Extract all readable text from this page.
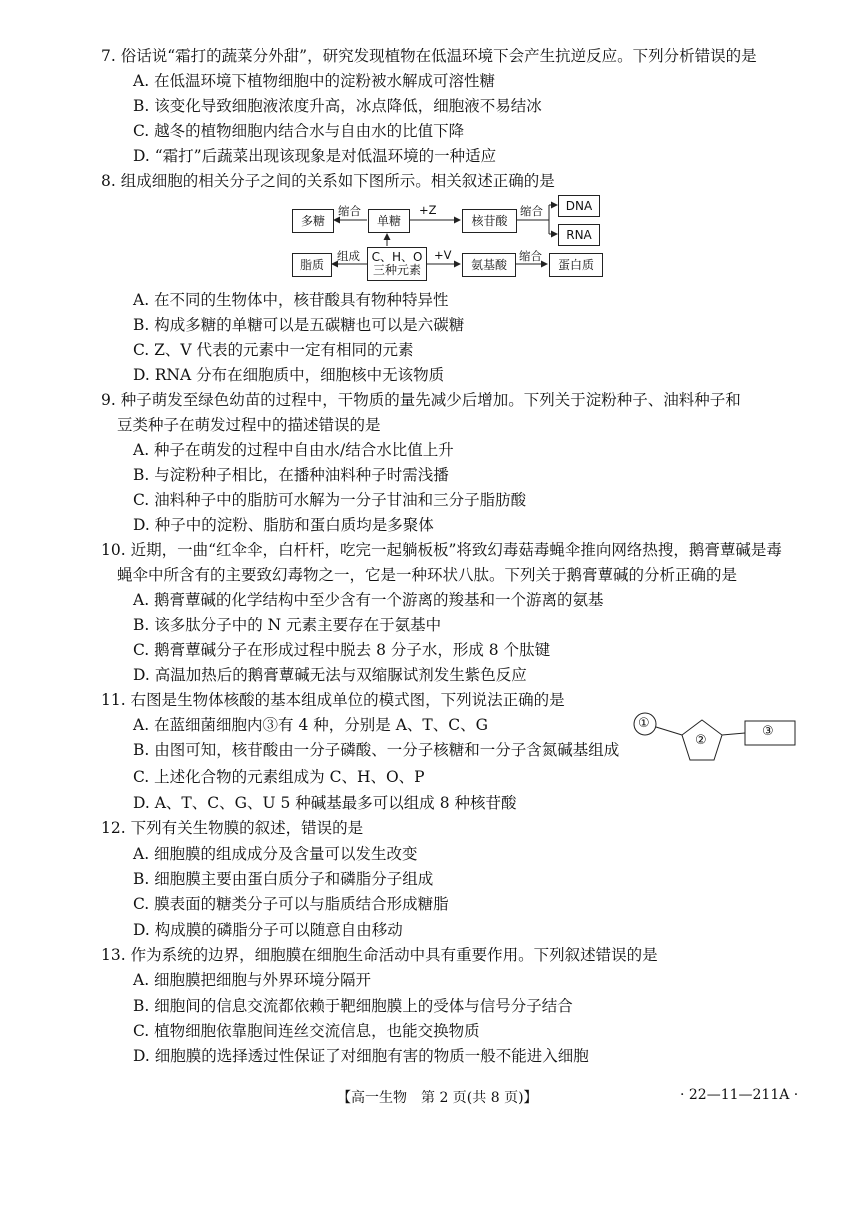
7. 俗话说“霜打的蔬菜分外甜”，研究发现植物在低温环境下会产生抗逆反应。下列分析错误的是
A. 在低温环境下植物细胞中的淀粉被水解成可溶性糖
B. 该变化导致细胞液浓度升高，冰点降低，细胞液不易结冰
C. 越冬的植物细胞内结合水与自由水的比值下降
D. “霜打”后蔬菜出现该现象是对低温环境的一种适应
8. 组成细胞的相关分子之间的关系如下图所示。相关叙述正确的是
多糖	单糖	核苷酸
DNA
RNA
脂质
C、H、O
三种元素	氨基酸	蛋白质
缩合	+Z	缩合
组成	+V	缩合
A. 在不同的生物体中，核苷酸具有物种特异性
B. 构成多糖的单糖可以是五碳糖也可以是六碳糖
C. Z、V 代表的元素中一定有相同的元素
D. RNA 分布在细胞质中，细胞核中无该物质
9. 种子萌发至绿色幼苗的过程中，干物质的量先减少后增加。下列关于淀粉种子、油料种子和
豆类种子在萌发过程中的描述错误的是
A. 种子在萌发的过程中自由水/结合水比值上升
B. 与淀粉种子相比，在播种油料种子时需浅播
C. 油料种子中的脂肪可水解为一分子甘油和三分子脂肪酸
D. 种子中的淀粉、脂肪和蛋白质均是多聚体
10. 近期，一曲“红伞伞，白杆杆，吃完一起躺板板”将致幻毒菇毒蝇伞推向网络热搜，鹅膏蕈碱是毒
蝇伞中所含有的主要致幻毒物之一，它是一种环状八肽。下列关于鹅膏蕈碱的分析正确的是
A. 鹅膏蕈碱的化学结构中至少含有一个游离的羧基和一个游离的氨基
B. 该多肽分子中的 N 元素主要存在于氨基中
C. 鹅膏蕈碱分子在形成过程中脱去 8 分子水，形成 8 个肽键
D. 高温加热后的鹅膏蕈碱无法与双缩脲试剂发生紫色反应
11. 右图是生物体核酸的基本组成单位的模式图，下列说法正确的是
A. 在蓝细菌细胞内③有 4 种，分别是 A、T、C、G
B. 由图可知，核苷酸由一分子磷酸、一分子核糖和一分子含氮碱基组成
C. 上述化合物的元素组成为 C、H、O、P
D. A、T、C、G、U 5 种碱基最多可以组成 8 种核苷酸
①
②
③
12. 下列有关生物膜的叙述，错误的是
A. 细胞膜的组成成分及含量可以发生改变
B. 细胞膜主要由蛋白质分子和磷脂分子组成
C. 膜表面的糖类分子可以与脂质结合形成糖脂
D. 构成膜的磷脂分子可以随意自由移动
13. 作为系统的边界，细胞膜在细胞生命活动中具有重要作用。下列叙述错误的是
A. 细胞膜把细胞与外界环境分隔开
B. 细胞间的信息交流都依赖于靶细胞膜上的受体与信号分子结合
C. 植物细胞依靠胞间连丝交流信息，也能交换物质
D. 细胞膜的选择透过性保证了对细胞有害的物质一般不能进入细胞
【高一生物　第 2 页(共 8 页)】	· 22—11—211A ·
